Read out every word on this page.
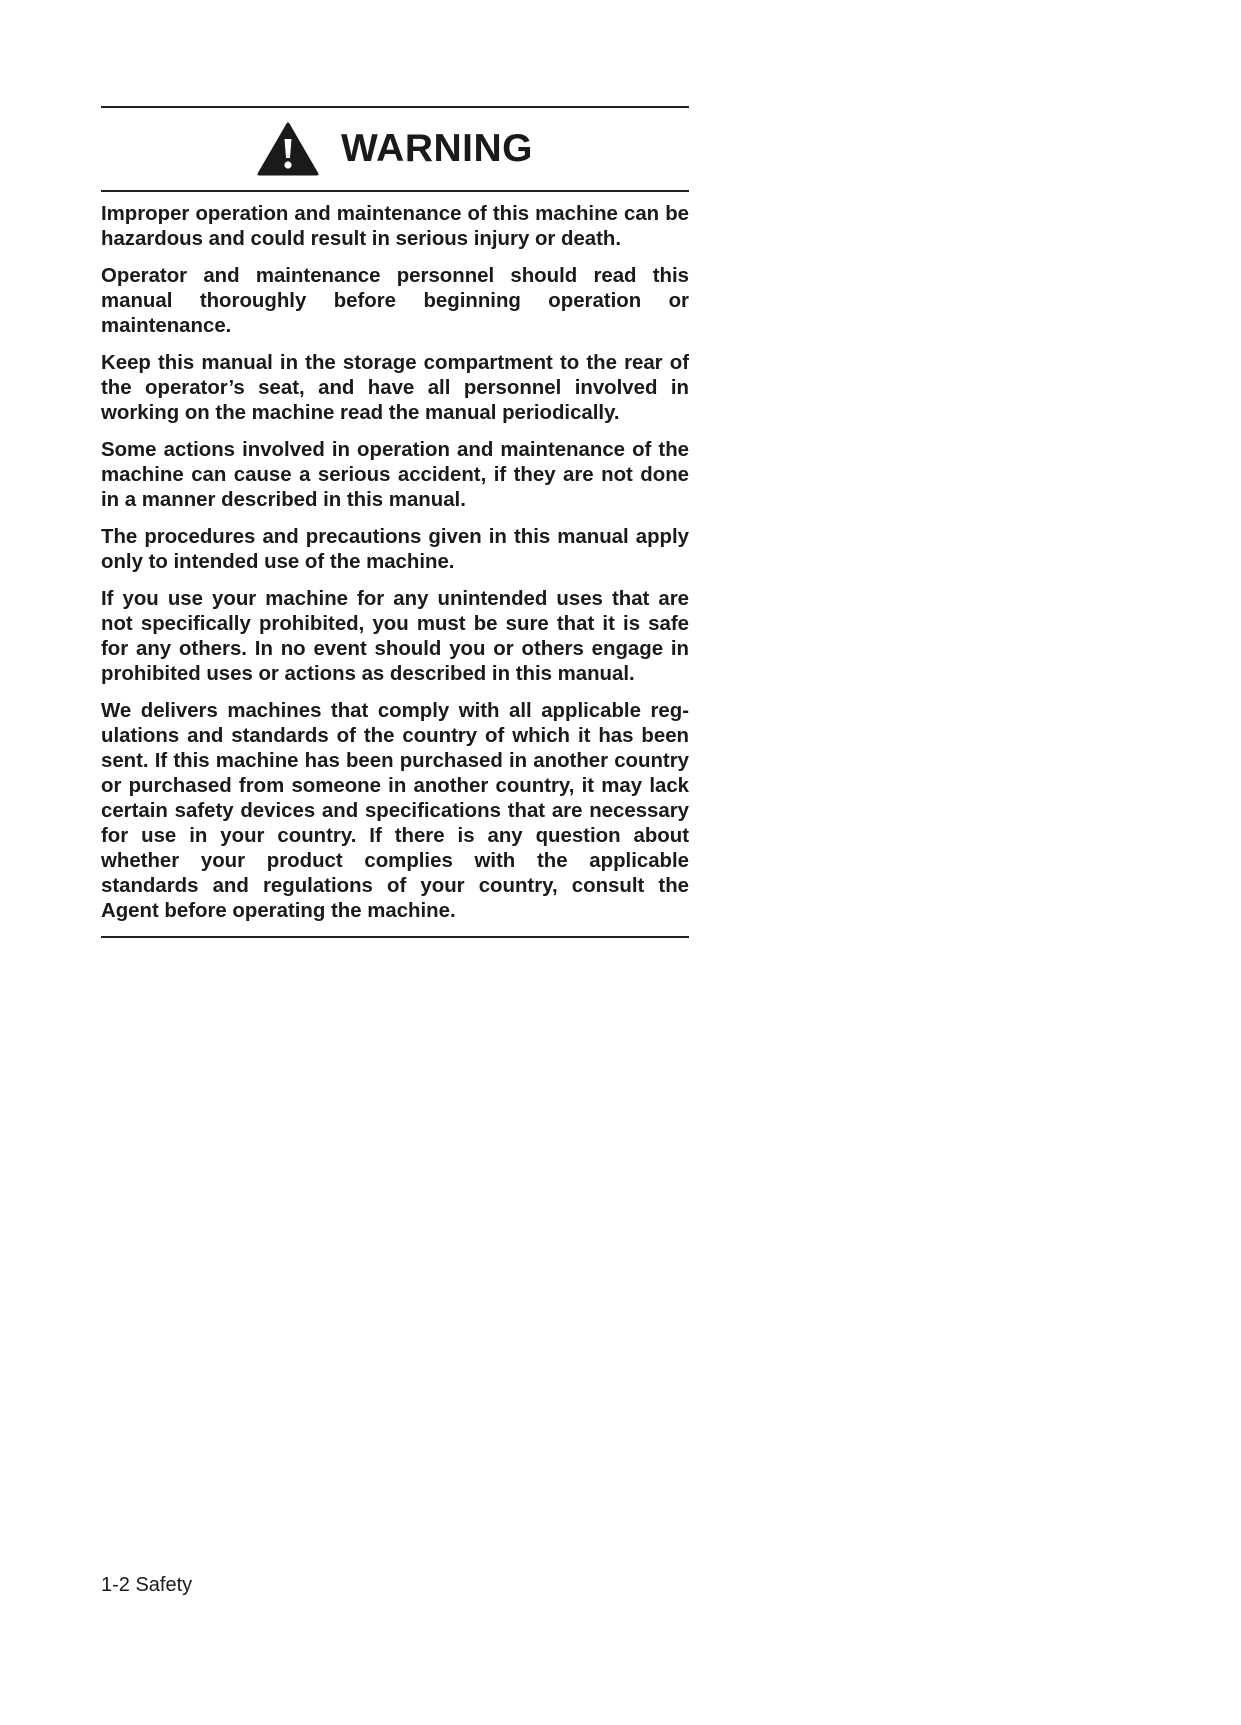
WARNING

Improper operation and maintenance of this machine can be hazardous and could result in serious injury or death.

Operator and maintenance personnel should read this manual thoroughly before beginning operation or maintenance.

Keep this manual in the storage compartment to the rear of the operator’s seat, and have all personnel involved in working on the machine read the manual periodically.

Some actions involved in operation and maintenance of the machine can cause a serious accident, if they are not done in a manner described in this manual.

The procedures and precautions given in this manual apply only to intended use of the machine.

If you use your machine for any unintended uses that are not specifically prohibited, you must be sure that it is safe for any others. In no event should you or others engage in prohibited uses or actions as described in this manual.

We delivers machines that comply with all applicable regulations and standards of the country of which it has been sent. If this machine has been purchased in another country or purchased from someone in another country, it may lack certain safety devices and specifications that are necessary for use in your country. If there is any question about whether your product complies with the applicable standards and regulations of your country, consult the Agent before operating the machine.

1-2 Safety
